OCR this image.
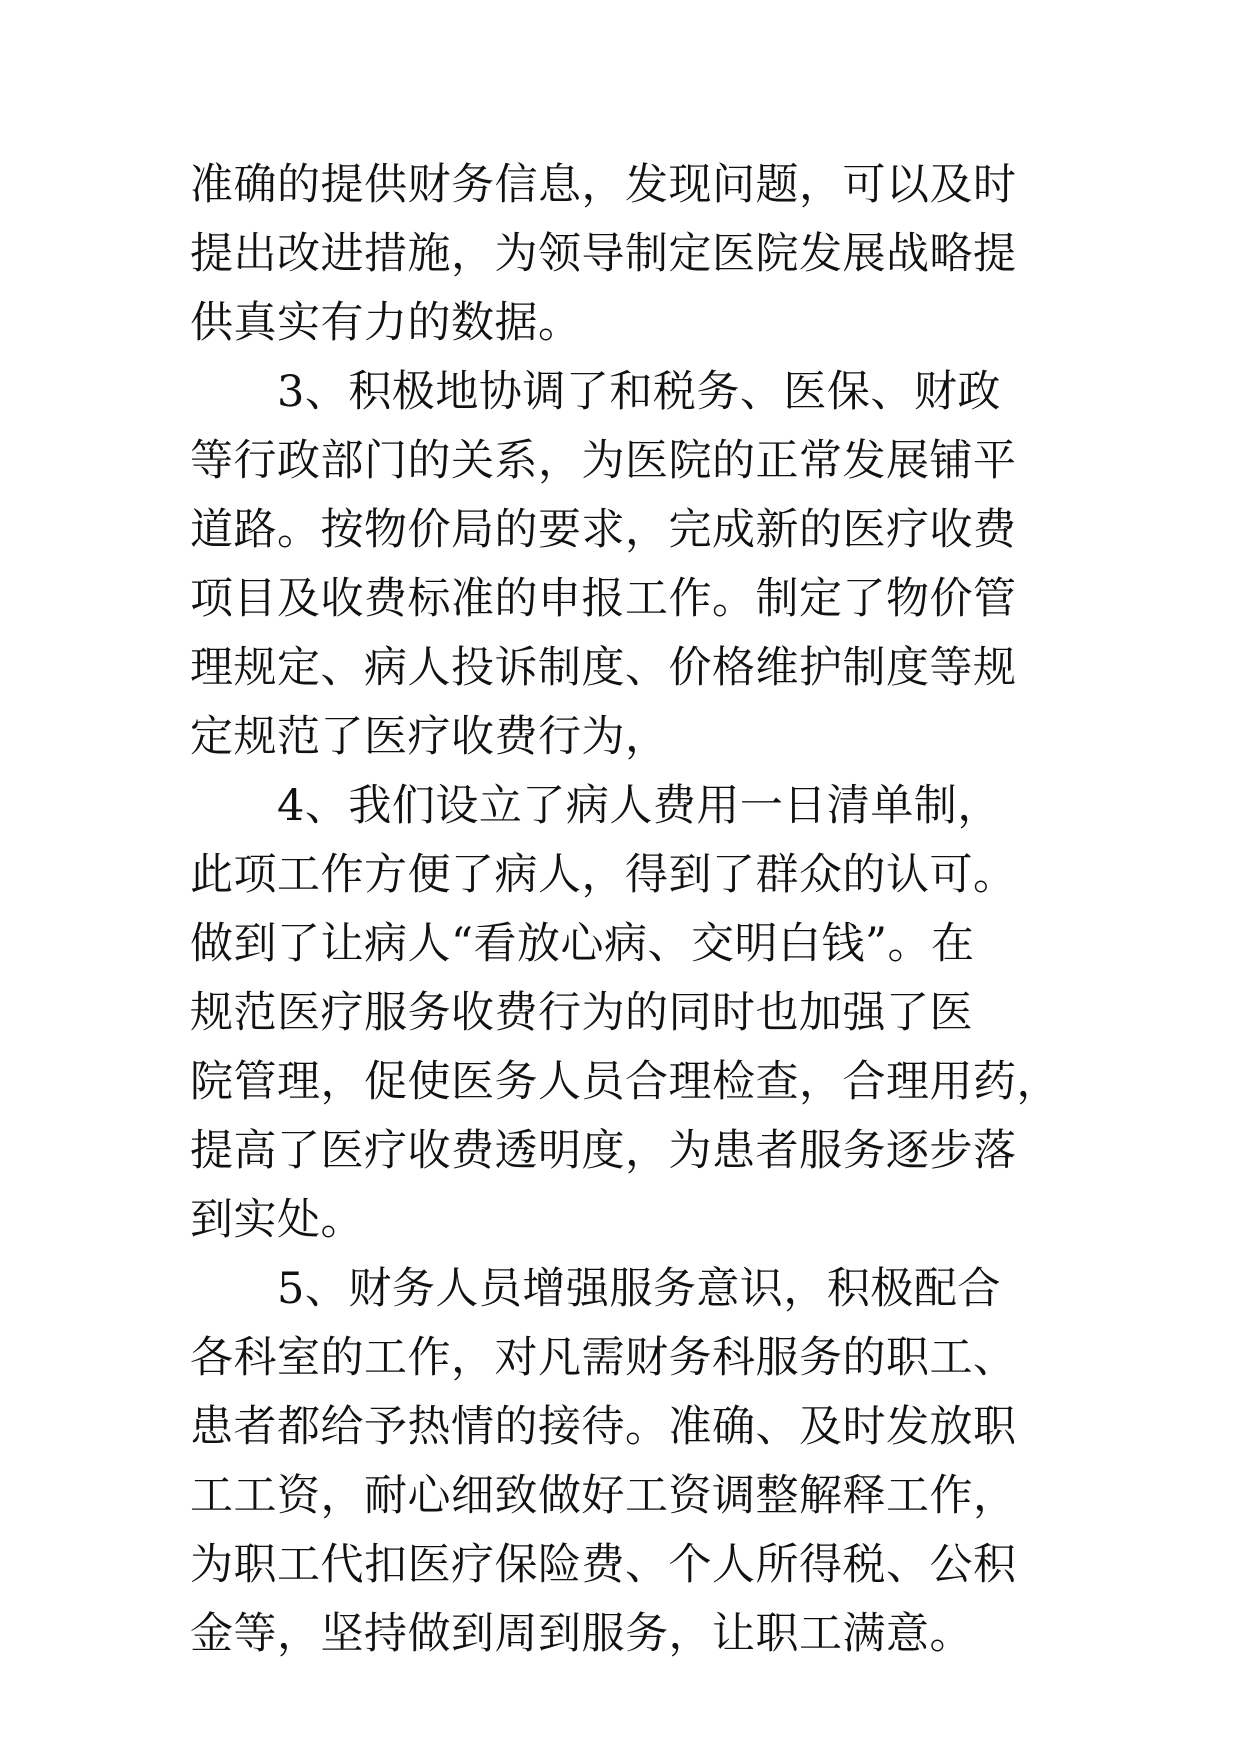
准确的提供财务信息，发现问题，可以及时
提出改进措施，为领导制定医院发展战略提
供真实有力的数据。
3、积极地协调了和税务、医保、财政
等行政部门的关系，为医院的正常发展铺平
道路。按物价局的要求，完成新的医疗收费
项目及收费标准的申报工作。制定了物价管
理规定、病人投诉制度、价格维护制度等规
定规范了医疗收费行为，
4、我们设立了病人费用一日清单制，
此项工作方便了病人，得到了群众的认可。
做到了让病人“看放心病、交明白钱”。在
规范医疗服务收费行为的同时也加强了医
院管理，促使医务人员合理检查，合理用药，
提高了医疗收费透明度，为患者服务逐步落
到实处。
5、财务人员增强服务意识，积极配合
各科室的工作，对凡需财务科服务的职工、
患者都给予热情的接待。准确、及时发放职
工工资，耐心细致做好工资调整解释工作，
为职工代扣医疗保险费、个人所得税、公积
金等，坚持做到周到服务，让职工满意。
